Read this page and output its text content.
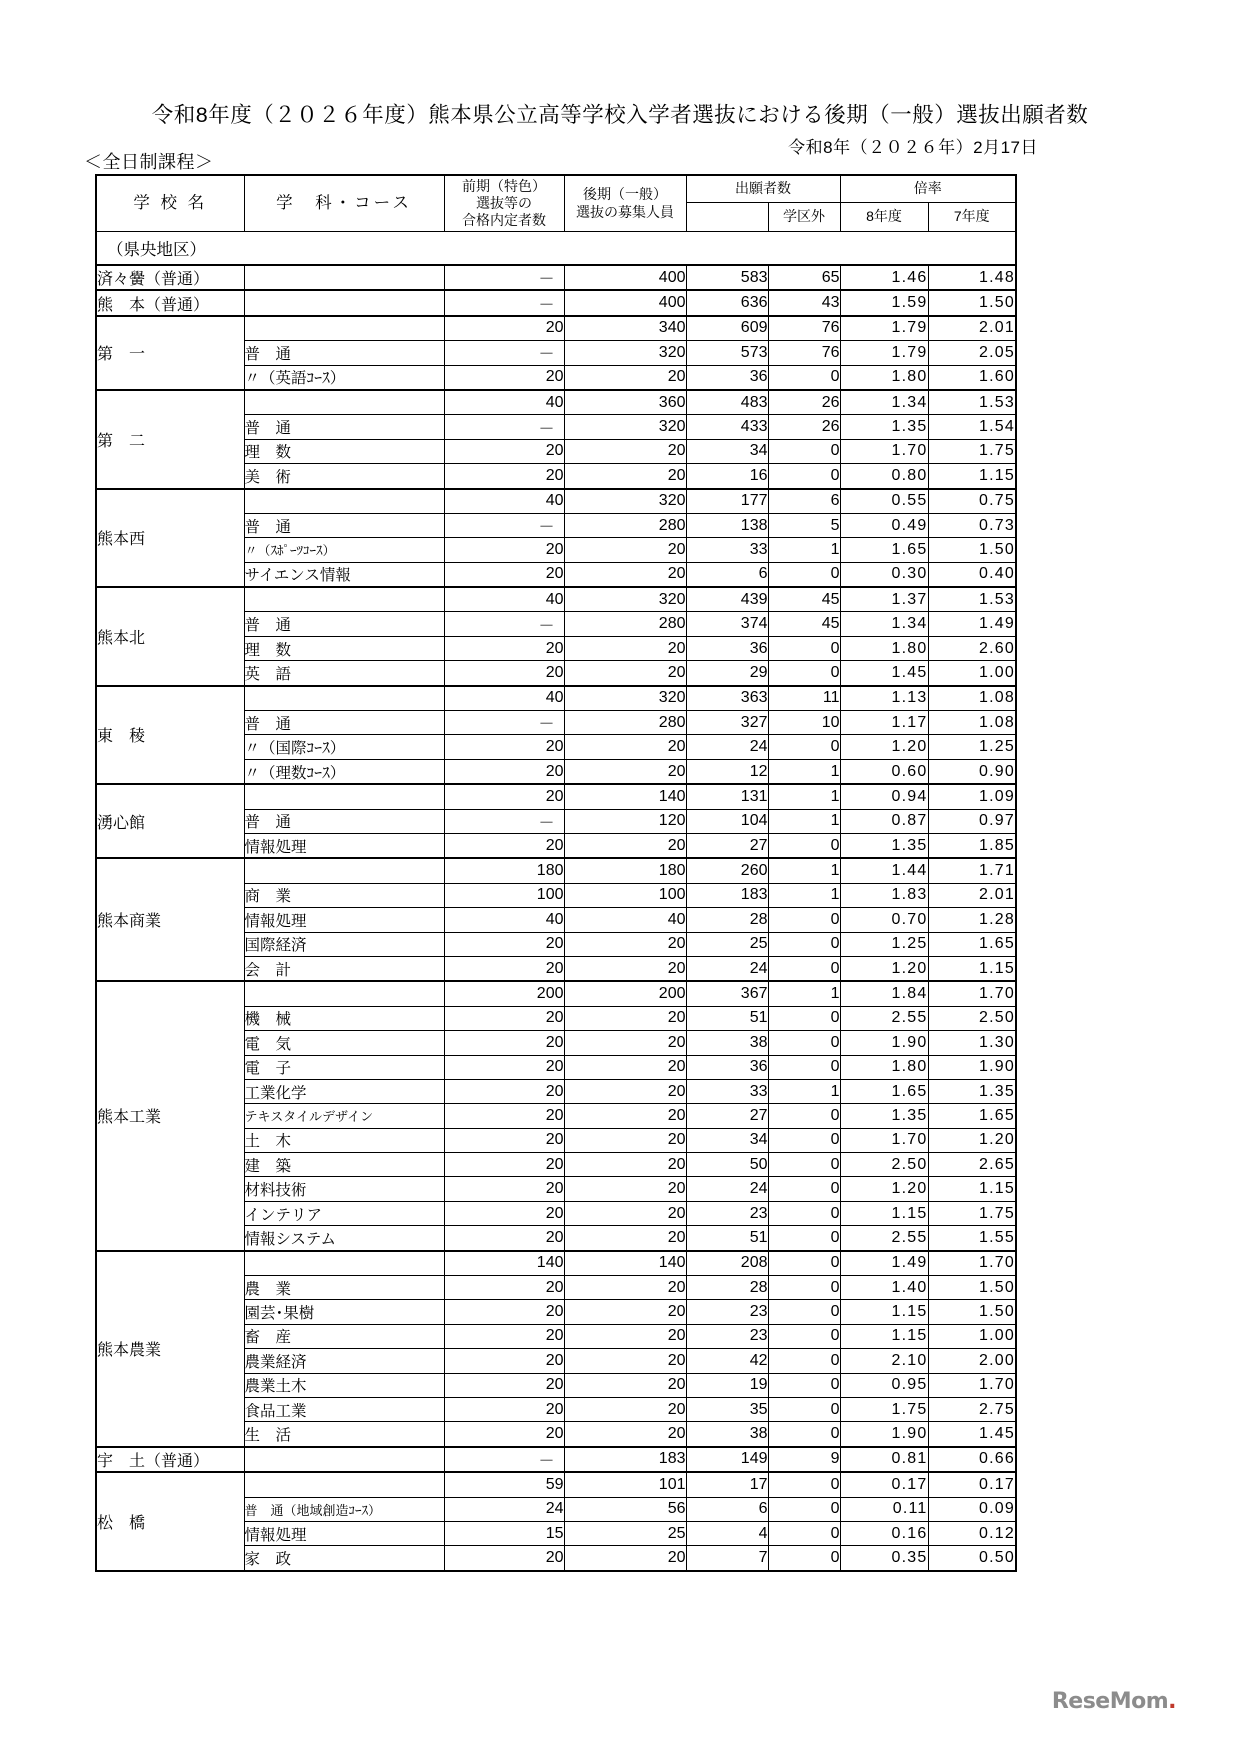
令和8年度（２０２６年度）熊本県公立高等学校入学者選抜における後期（一般）選抜出願者数
令和8年（２０２６年）2月17日
＜全日制課程＞
学 校 名	学　科・コース	
前期（特色）
選抜等の
合格内定者数

後期（一般）
選抜の募集人員
	出願者数	倍率
					学区外	8年度	7年度
（県央地区）							
済々黌（普通）		－	400	583	65	1.46	1.48
熊　本（普通）		－	400	636	43	1.59	1.50
第　一		20	340	609	76	1.79	2.01
	普　通	－	320	573	76	1.79	2.05
	〃（英語ｺｰｽ）	20	20	36	0	1.80	1.60
第　二		40	360	483	26	1.34	1.53
	普　通	－	320	433	26	1.35	1.54
	理　数	20	20	34	0	1.70	1.75
	美　術	20	20	16	0	0.80	1.15
熊本西		40	320	177	6	0.55	0.75
	普　通	－	280	138	5	0.49	0.73
	〃（ｽﾎﾟｰﾂｺｰｽ）	20	20	33	1	1.65	1.50
	サイエンス情報	20	20	6	0	0.30	0.40
熊本北		40	320	439	45	1.37	1.53
	普　通	－	280	374	45	1.34	1.49
	理　数	20	20	36	0	1.80	2.60
	英　語	20	20	29	0	1.45	1.00
東　稜		40	320	363	11	1.13	1.08
	普　通	－	280	327	10	1.17	1.08
	〃（国際ｺｰｽ）	20	20	24	0	1.20	1.25
	〃（理数ｺｰｽ）	20	20	12	1	0.60	0.90
湧心館		20	140	131	1	0.94	1.09
	普　通	－	120	104	1	0.87	0.97
	情報処理	20	20	27	0	1.35	1.85
熊本商業		180	180	260	1	1.44	1.71
	商　業	100	100	183	1	1.83	2.01
	情報処理	40	40	28	0	0.70	1.28
	国際経済	20	20	25	0	1.25	1.65
	会　計	20	20	24	0	1.20	1.15
熊本工業		200	200	367	1	1.84	1.70
	機　械	20	20	51	0	2.55	2.50
	電　気	20	20	38	0	1.90	1.30
	電　子	20	20	36	0	1.80	1.90
	工業化学	20	20	33	1	1.65	1.35
	テキスタイルデザイン	20	20	27	0	1.35	1.65
	土　木	20	20	34	0	1.70	1.20
	建　築	20	20	50	0	2.50	2.65
	材料技術	20	20	24	0	1.20	1.15
	インテリア	20	20	23	0	1.15	1.75
	情報システム	20	20	51	0	2.55	1.55
熊本農業		140	140	208	0	1.49	1.70
	農　業	20	20	28	0	1.40	1.50
	園芸･果樹	20	20	23	0	1.15	1.50
	畜　産	20	20	23	0	1.15	1.00
	農業経済	20	20	42	0	2.10	2.00
	農業土木	20	20	19	0	0.95	1.70
	食品工業	20	20	35	0	1.75	2.75
	生　活	20	20	38	0	1.90	1.45
宇　土（普通）		－	183	149	9	0.81	0.66
松　橋		59	101	17	0	0.17	0.17
	普　通（地域創造ｺｰｽ）	24	56	6	0	0.11	0.09
	情報処理	15	25	4	0	0.16	0.12
	家　政	20	20	7	0	0.35	0.50
ReseMom.
